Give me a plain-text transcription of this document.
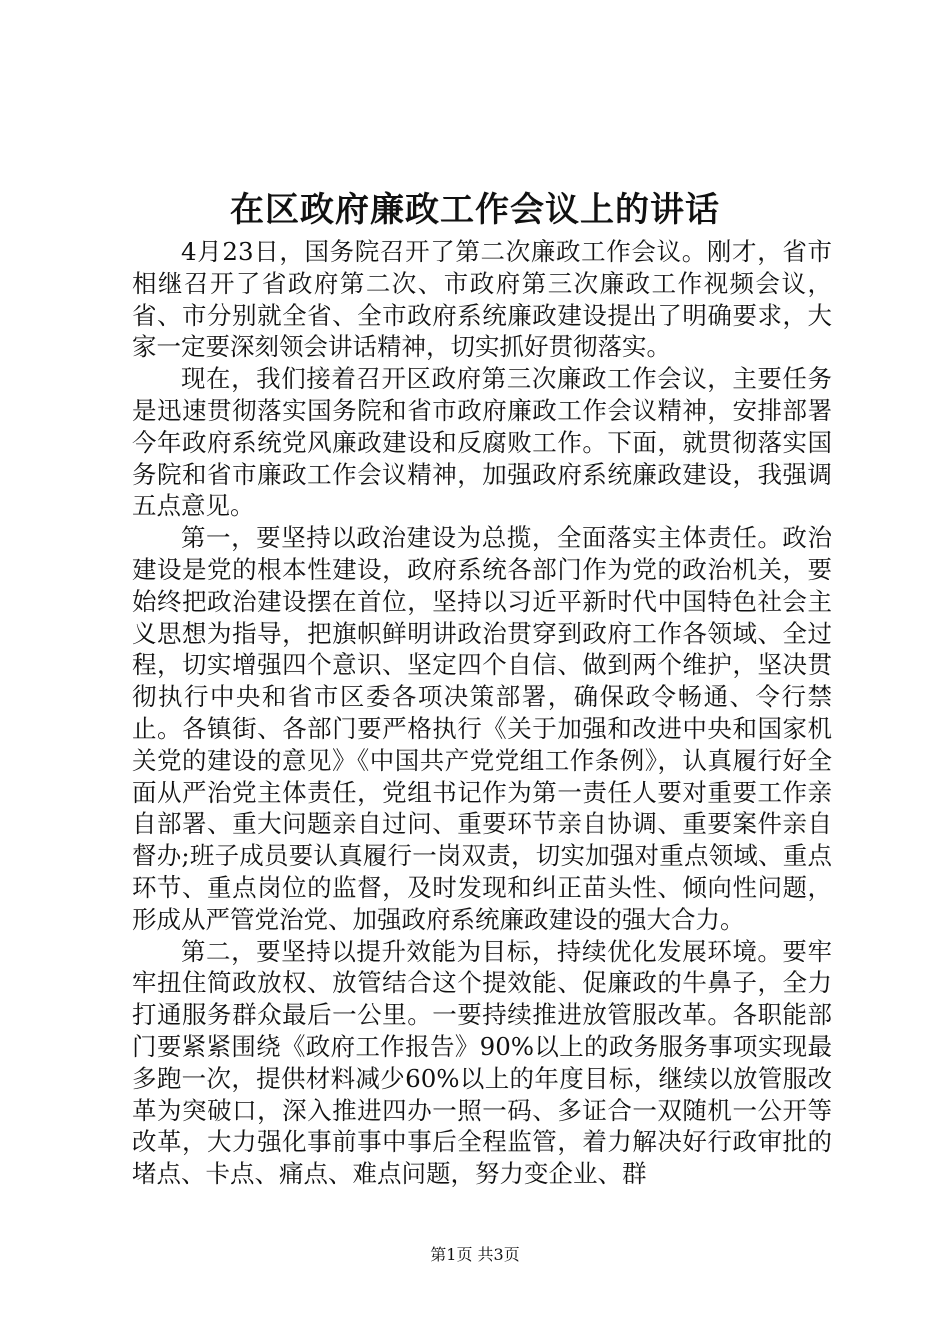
在区政府廉政工作会议上的讲话

4月23日，国务院召开了第二次廉政工作会议。刚才，省市相继召开了省政府第二次、市政府第三次廉政工作视频会议，省、市分别就全省、全市政府系统廉政建设提出了明确要求，大家一定要深刻领会讲话精神，切实抓好贯彻落实。

现在，我们接着召开区政府第三次廉政工作会议，主要任务是迅速贯彻落实国务院和省市政府廉政工作会议精神，安排部署今年政府系统党风廉政建设和反腐败工作。下面，就贯彻落实国务院和省市廉政工作会议精神，加强政府系统廉政建设，我强调五点意见。

第一，要坚持以政治建设为总揽，全面落实主体责任。政治建设是党的根本性建设，政府系统各部门作为党的政治机关，要始终把政治建设摆在首位，坚持以习近平新时代中国特色社会主义思想为指导，把旗帜鲜明讲政治贯穿到政府工作各领域、全过程，切实增强四个意识、坚定四个自信、做到两个维护，坚决贯彻执行中央和省市区委各项决策部署，确保政令畅通、令行禁止。各镇街、各部门要严格执行《关于加强和改进中央和国家机关党的建设的意见》《中国共产党党组工作条例》，认真履行好全面从严治党主体责任，党组书记作为第一责任人要对重要工作亲自部署、重大问题亲自过问、重要环节亲自协调、重要案件亲自督办;班子成员要认真履行一岗双责，切实加强对重点领域、重点环节、重点岗位的监督，及时发现和纠正苗头性、倾向性问题，形成从严管党治党、加强政府系统廉政建设的强大合力。

第二，要坚持以提升效能为目标，持续优化发展环境。要牢牢扭住简政放权、放管结合这个提效能、促廉政的牛鼻子，全力打通服务群众最后一公里。一要持续推进放管服改革。各职能部门要紧紧围绕《政府工作报告》90%以上的政务服务事项实现最多跑一次，提供材料减少60%以上的年度目标，继续以放管服改革为突破口，深入推进四办一照一码、多证合一双随机一公开等改革，大力强化事前事中事后全程监管，着力解决好行政审批的堵点、卡点、痛点、难点问题，努力变企业、群

第1页 共3页
